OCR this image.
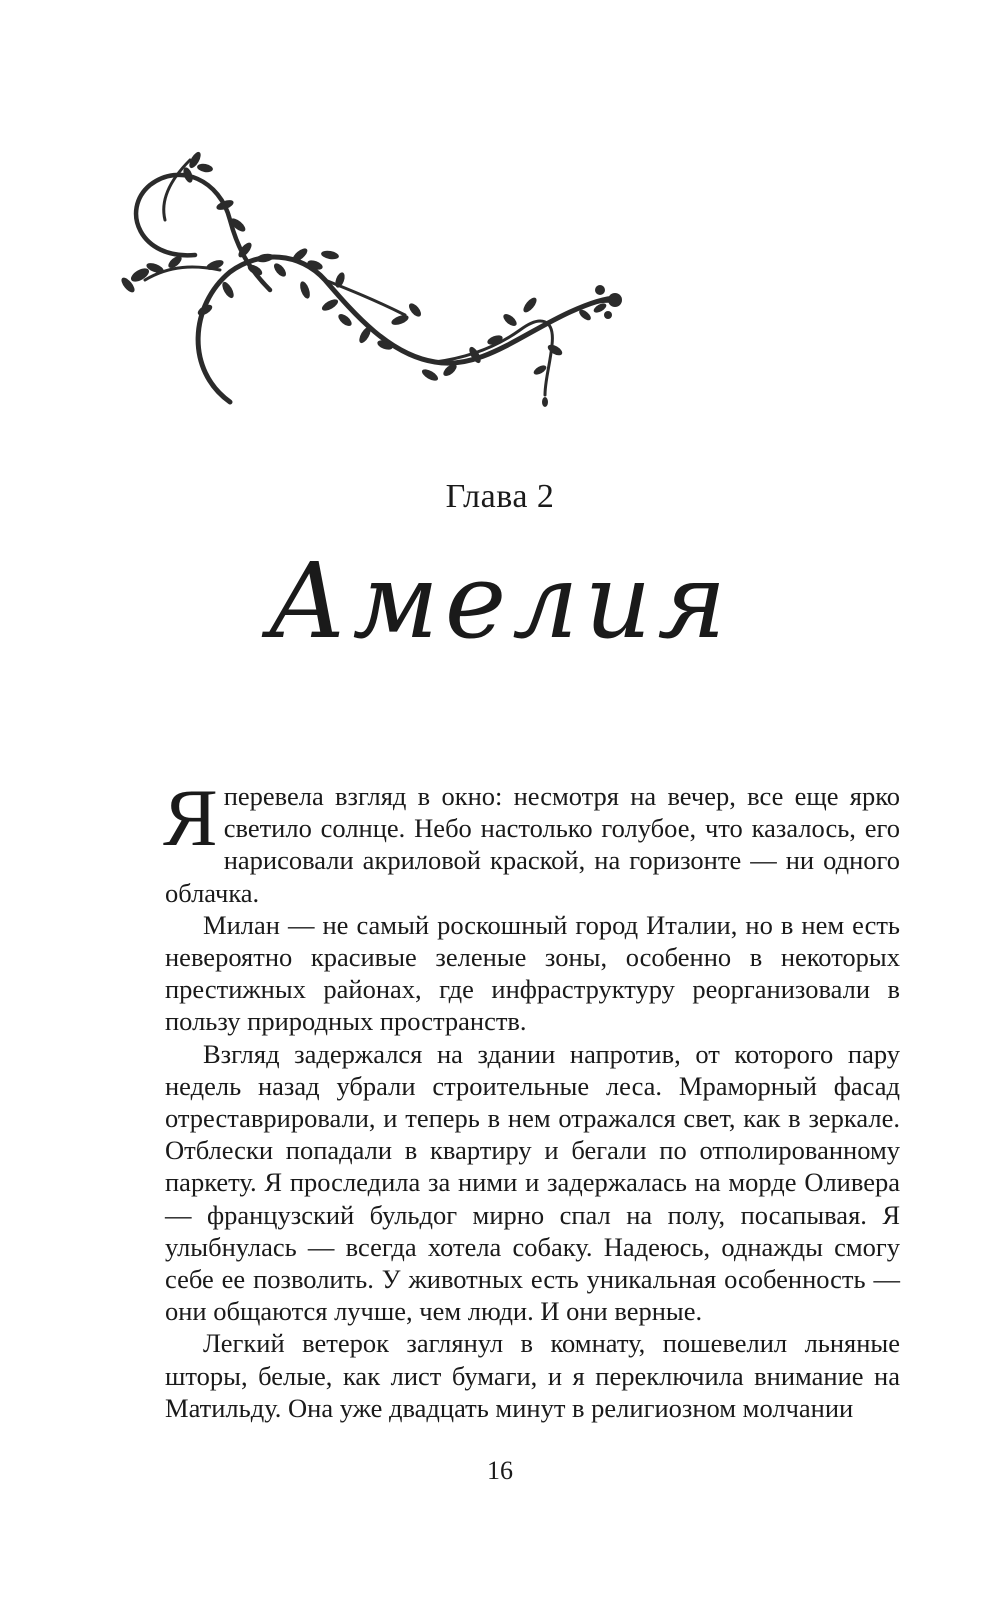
Глава 2
Амелия

Яперевела взгляд в окно: несмотря на вечер, все еще ярко светило солнце. Небо настолько голубое, что казалось, его нарисовали акриловой краской, на горизонте — ни одного облачка.

Милан — не самый роскошный город Италии, но в нем есть невероятно красивые зеленые зоны, особенно в некоторых престижных районах, где инфраструктуру реорганизовали в пользу природных пространств.

Взгляд задержался на здании напротив, от которого пару недель назад убрали строительные леса. Мраморный фасад отреставрировали, и теперь в нем отражался свет, как в зеркале. Отблески попадали в квартиру и бегали по отполированному паркету. Я проследила за ними и задержалась на морде Оливера — французский бульдог мирно спал на полу, посапывая. Я улыбнулась — всегда хотела собаку. Надеюсь, однажды смогу себе ее позволить. У животных есть уникальная особенность — они общаются лучше, чем люди. И они верные.

Легкий ветерок заглянул в комнату, пошевелил льняные шторы, белые, как лист бумаги, и я переключила внимание на Матильду. Она уже двадцать минут в религиозном молчании

16
